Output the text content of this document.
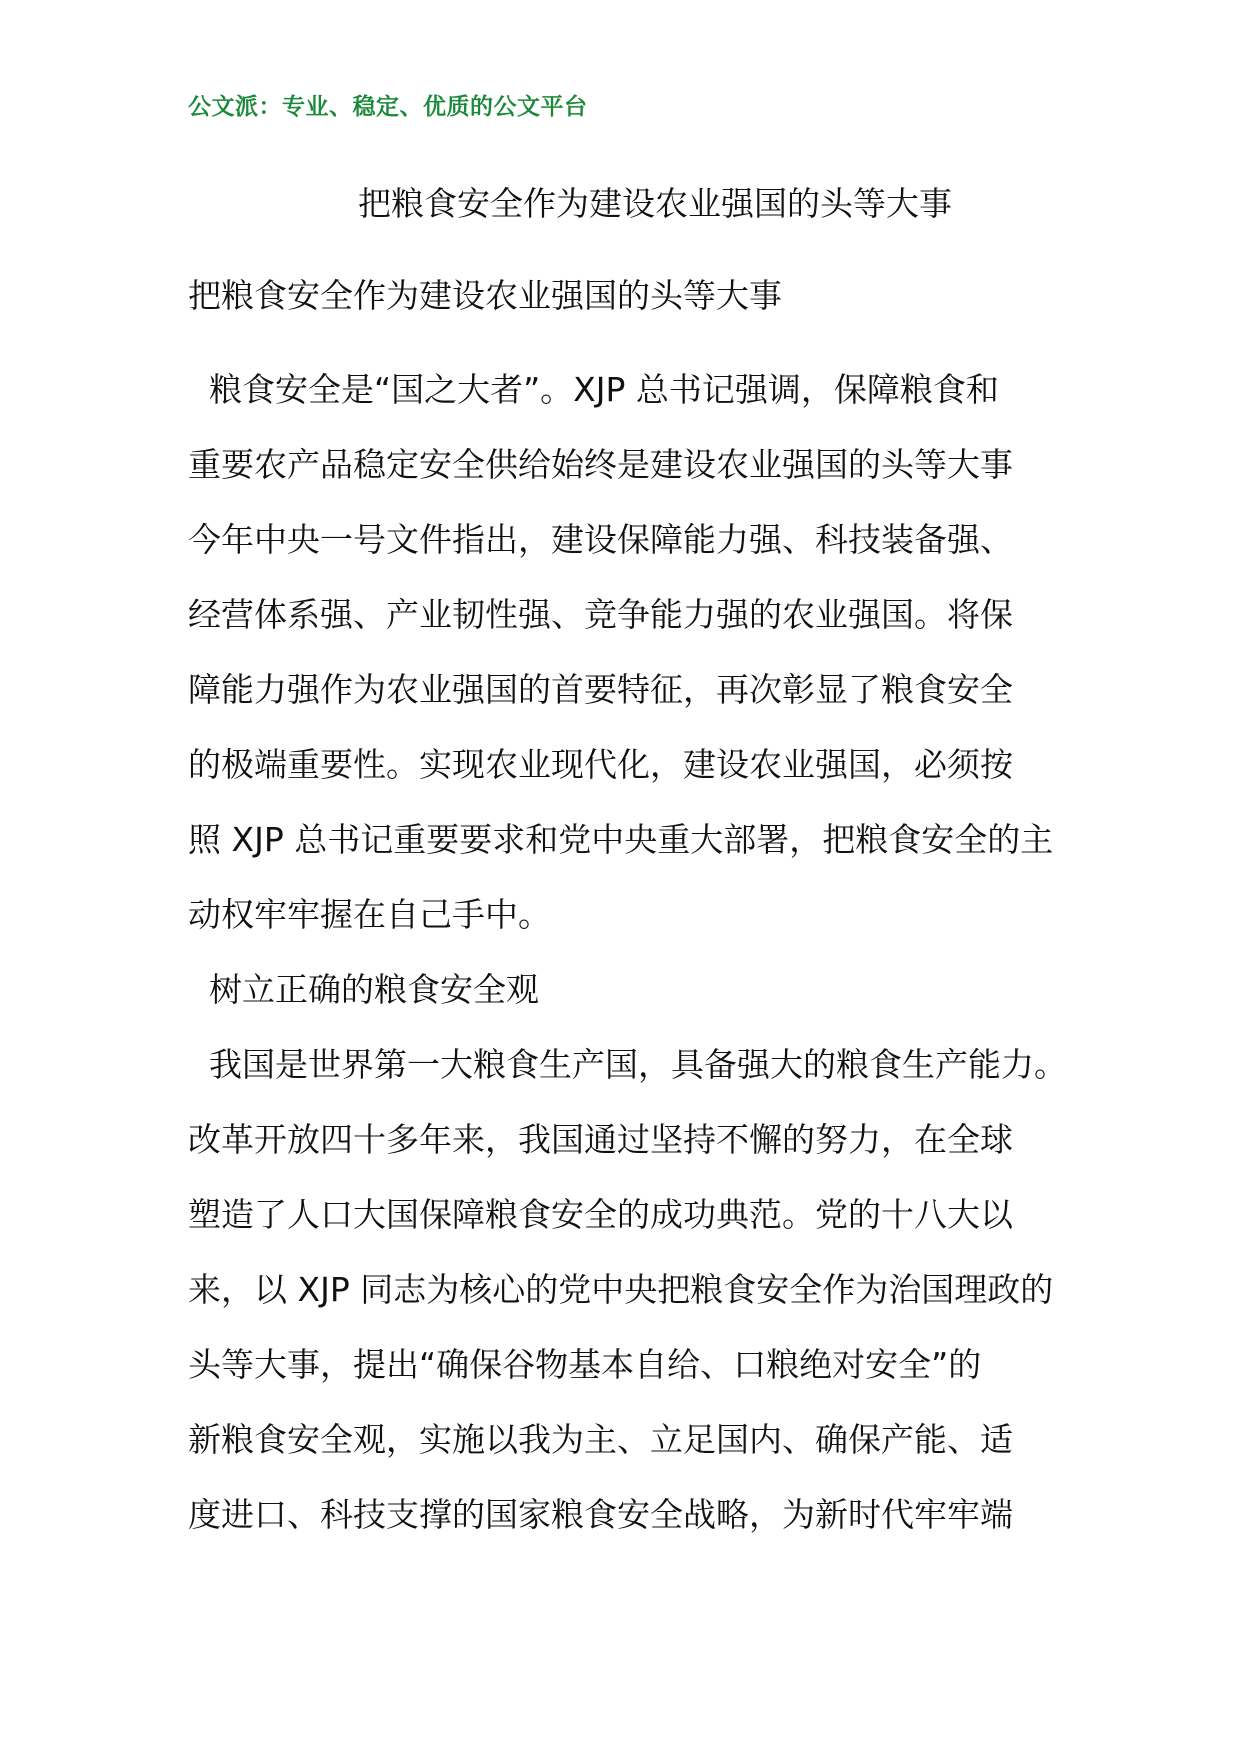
公文派：专业、稳定、优质的公文平台
把粮食安全作为建设农业强国的头等大事
把粮食安全作为建设农业强国的头等大事
粮食安全是“国之大者”。XJP 总书记强调，保障粮食和
重要农产品稳定安全供给始终是建设农业强国的头等大事
今年中央一号文件指出，建设保障能力强、科技装备强、
经营体系强、产业韧性强、竞争能力强的农业强国。将保
障能力强作为农业强国的首要特征，再次彰显了粮食安全
的极端重要性。实现农业现代化，建设农业强国，必须按
照 XJP 总书记重要要求和党中央重大部署，把粮食安全的主
动权牢牢握在自己手中。
树立正确的粮食安全观
我国是世界第一大粮食生产国，具备强大的粮食生产能力。
改革开放四十多年来，我国通过坚持不懈的努力，在全球
塑造了人口大国保障粮食安全的成功典范。党的十八大以
来，以 XJP 同志为核心的党中央把粮食安全作为治国理政的
头等大事，提出“确保谷物基本自给、口粮绝对安全”的
新粮食安全观，实施以我为主、立足国内、确保产能、适
度进口、科技支撑的国家粮食安全战略，为新时代牢牢端
